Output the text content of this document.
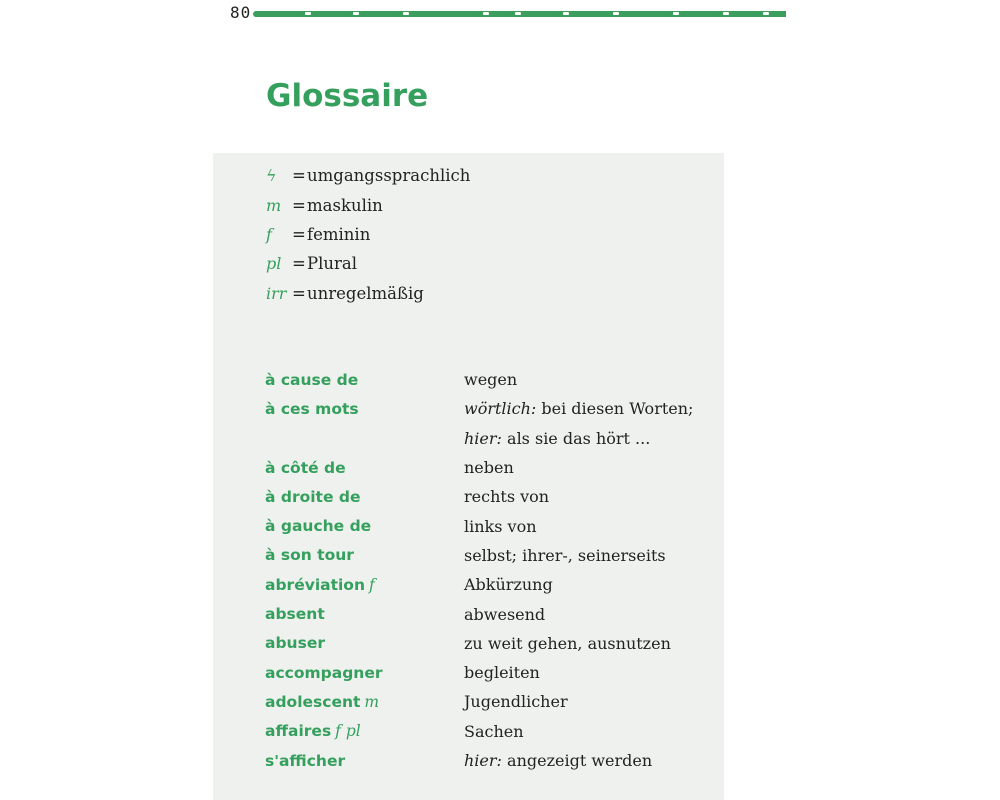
80
Glossaire
ϟ = umgangssprachlich
m = maskulin
f	= feminin
pl = Plural
irr = unregelmäßig
à cause de	wegen
à ces mots	wörtlich: bei diesen Worten;
hier: als sie das hört ...
à côté de	neben
à droite de	rechts von
à gauche de	links von
à son tour	selbst; ihrer-, seinerseits
abréviation f	Abkürzung
absent	abwesend
abuser	zu weit gehen, ausnutzen
accompagner	begleiten
adolescent m	Jugendlicher
affaires f pl	Sachen
s'afficher	hier: angezeigt werden
